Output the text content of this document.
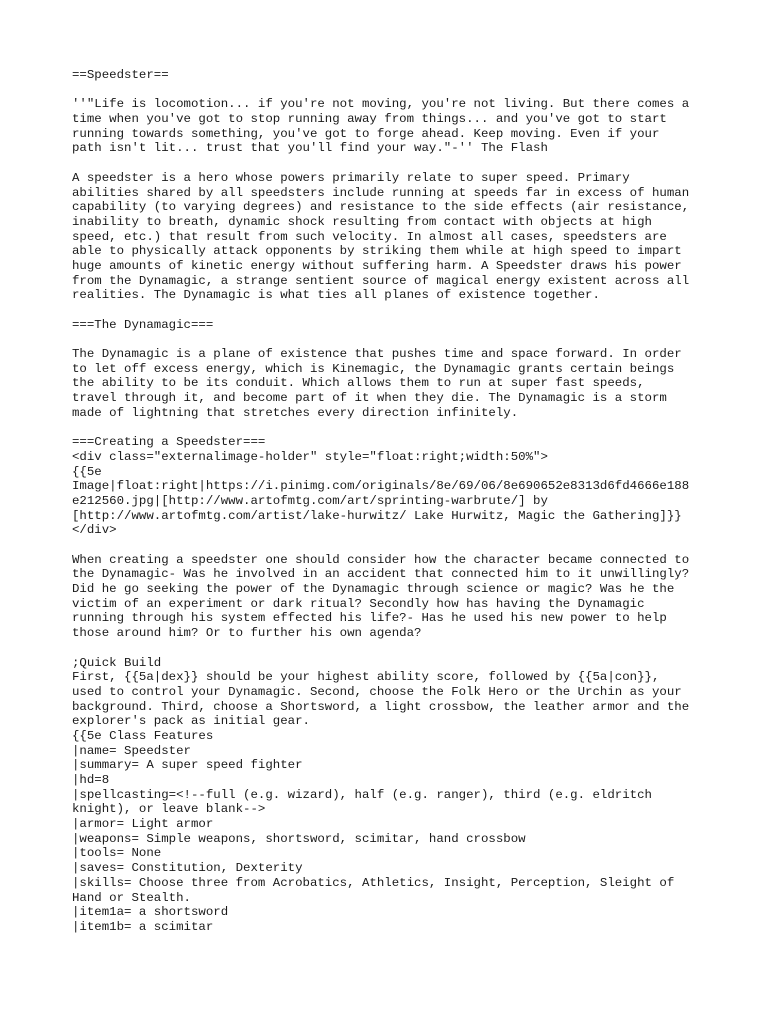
==Speedster==
''"Life is locomotion... if you're not moving, you're not living. But there comes a
time when you've got to stop running away from things... and you've got to start
running towards something, you've got to forge ahead. Keep moving. Even if your
path isn't lit... trust that you'll find your way."-'' The Flash
A speedster is a hero whose powers primarily relate to super speed. Primary
abilities shared by all speedsters include running at speeds far in excess of human
capability (to varying degrees) and resistance to the side effects (air resistance,
inability to breath, dynamic shock resulting from contact with objects at high
speed, etc.) that result from such velocity. In almost all cases, speedsters are
able to physically attack opponents by striking them while at high speed to impart
huge amounts of kinetic energy without suffering harm. A Speedster draws his power
from the Dynamagic, a strange sentient source of magical energy existent across all
realities. The Dynamagic is what ties all planes of existence together.
===The Dynamagic===
The Dynamagic is a plane of existence that pushes time and space forward. In order
to let off excess energy, which is Kinemagic, the Dynamagic grants certain beings
the ability to be its conduit. Which allows them to run at super fast speeds,
travel through it, and become part of it when they die. The Dynamagic is a storm
made of lightning that stretches every direction infinitely.
===Creating a Speedster===
<div class="externalimage-holder" style="float:right;width:50%">
{{5e
Image|float:right|https://i.pinimg.com/originals/8e/69/06/8e690652e8313d6fd4666e188
e212560.jpg|[http://www.artofmtg.com/art/sprinting-warbrute/] by
[http://www.artofmtg.com/artist/lake-hurwitz/ Lake Hurwitz, Magic the Gathering]}}
</div>
When creating a speedster one should consider how the character became connected to
the Dynamagic- Was he involved in an accident that connected him to it unwillingly?
Did he go seeking the power of the Dynamagic through science or magic? Was he the
victim of an experiment or dark ritual? Secondly how has having the Dynamagic
running through his system effected his life?- Has he used his new power to help
those around him? Or to further his own agenda?
;Quick Build
First, {{5a|dex}} should be your highest ability score, followed by {{5a|con}},
used to control your Dynamagic. Second, choose the Folk Hero or the Urchin as your
background. Third, choose a Shortsword, a light crossbow, the leather armor and the
explorer's pack as initial gear.
{{5e Class Features
|name= Speedster
|summary= A super speed fighter
|hd=8
|spellcasting=<!--full (e.g. wizard), half (e.g. ranger), third (e.g. eldritch
knight), or leave blank-->
|armor= Light armor
|weapons= Simple weapons, shortsword, scimitar, hand crossbow
|tools= None
|saves= Constitution, Dexterity
|skills= Choose three from Acrobatics, Athletics, Insight, Perception, Sleight of
Hand or Stealth.
|item1a= a shortsword
|item1b= a scimitar
